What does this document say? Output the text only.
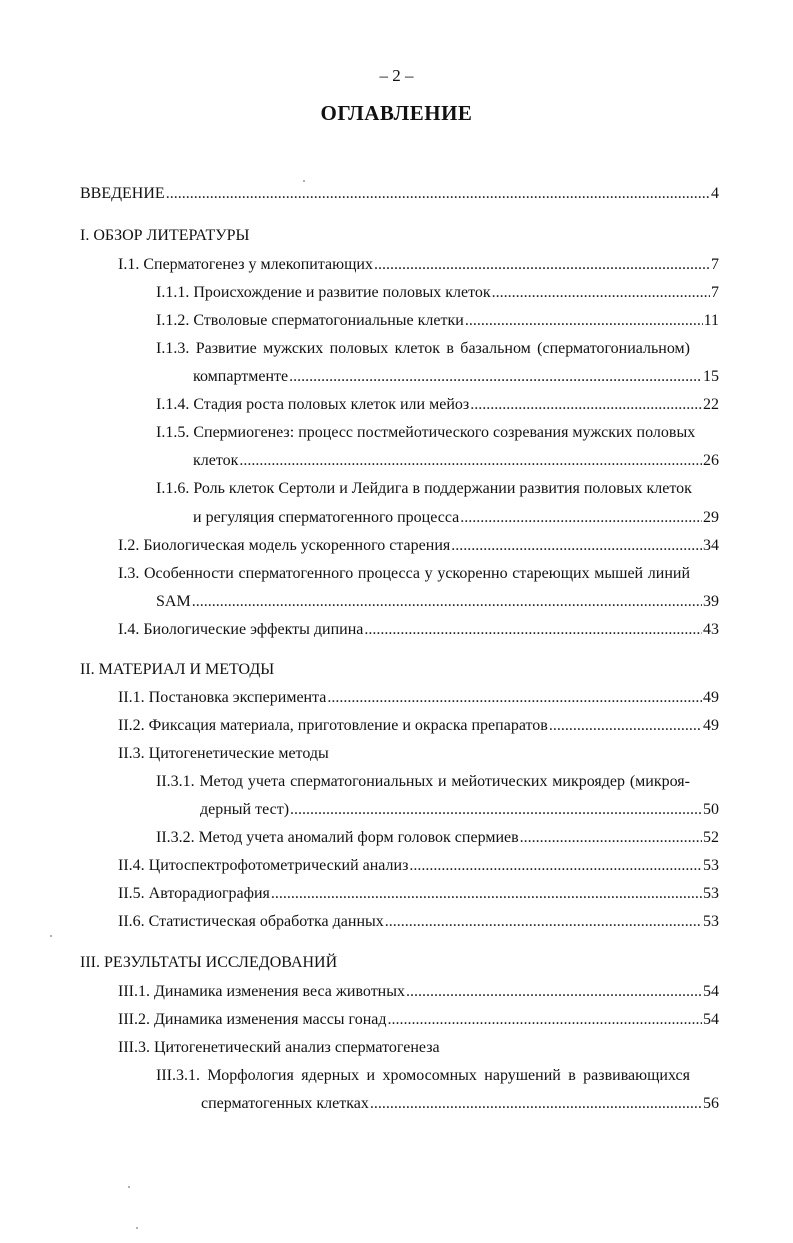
– 2 –
ОГЛАВЛЕНИЕ
ВВЕДЕНИЕ .....	4
I. ОБЗОР ЛИТЕРАТУРЫ
I.1. Сперматогенез у млекопитающих .....	7
I.1.1. Происхождение и развитие половых клеток .....	7
I.1.2. Стволовые сперматогониальные клетки .....	11
I.1.3. Развитие мужских половых клеток в базальном (сперматогониальном)
компартменте .....	15
I.1.4. Стадия роста половых клеток или мейоз .....	22
I.1.5. Спермиогенез: процесс постмейотического созревания мужских половых
клеток .....	26
I.1.6. Роль клеток Сертоли и Лейдига в поддержании развития половых клеток
и регуляция сперматогенного процесса .....	29
I.2. Биологическая модель ускоренного старения .....	34
I.3. Особенности сперматогенного процесса у ускоренно стареющих мышей линий
SAM .....	39
I.4. Биологические эффекты дипина .....	43
II. МАТЕРИАЛ И МЕТОДЫ
II.1. Постановка эксперимента .....	49
II.2. Фиксация материала, приготовление и окраска препаратов .....	49
II.3. Цитогенетические методы
II.3.1. Метод учета сперматогониальных и мейотических микроядер (микроя-
дерный тест) .....	50
II.3.2. Метод учета аномалий форм головок спермиев .....	52
II.4. Цитоспектрофотометрический анализ .....	53
II.5. Авторадиография .....	53
II.6. Статистическая обработка данных .....	53
III. РЕЗУЛЬТАТЫ ИССЛЕДОВАНИЙ
III.1. Динамика изменения веса животных .....	54
III.2. Динамика изменения массы гонад .....	54
III.3. Цитогенетический анализ сперматогенеза
III.3.1. Морфология ядерных и хромосомных нарушений в развивающихся
сперматогенных клетках .....	56
